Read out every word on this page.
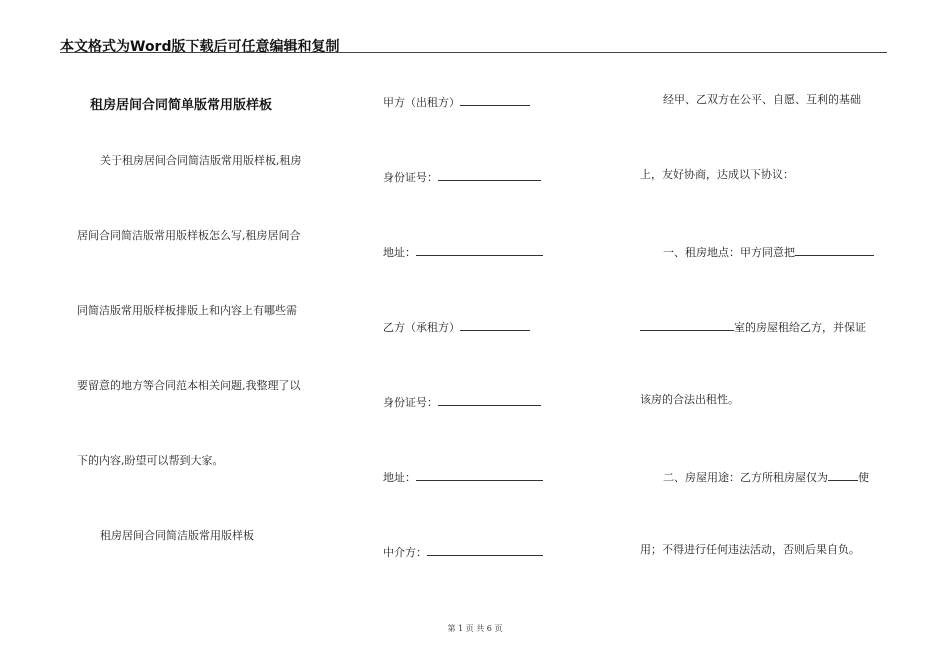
本文格式为Word版下载后可任意编辑和复制
租房居间合同简单版常用版样板
关于租房居间合同简洁版常用版样板,租房
居间合同简洁版常用版样板怎么写,租房居间合
同简洁版常用版样板排版上和内容上有哪些需
要留意的地方等合同范本相关问题,我整理了以
下的内容,盼望可以帮到大家。
租房居间合同简洁版常用版样板
甲方（出租方）
身份证号：
地址：
乙方（承租方）
身份证号：
地址：
中介方：
经甲、乙双方在公平、自愿、互利的基础
上，友好协商，达成以下协议：
一、租房地点：甲方同意把
室的房屋租给乙方，并保证
该房的合法出租性。
二、房屋用途：乙方所租房屋仅为	使
用；不得进行任何违法活动，否则后果自负。
第 1 页 共 6 页
